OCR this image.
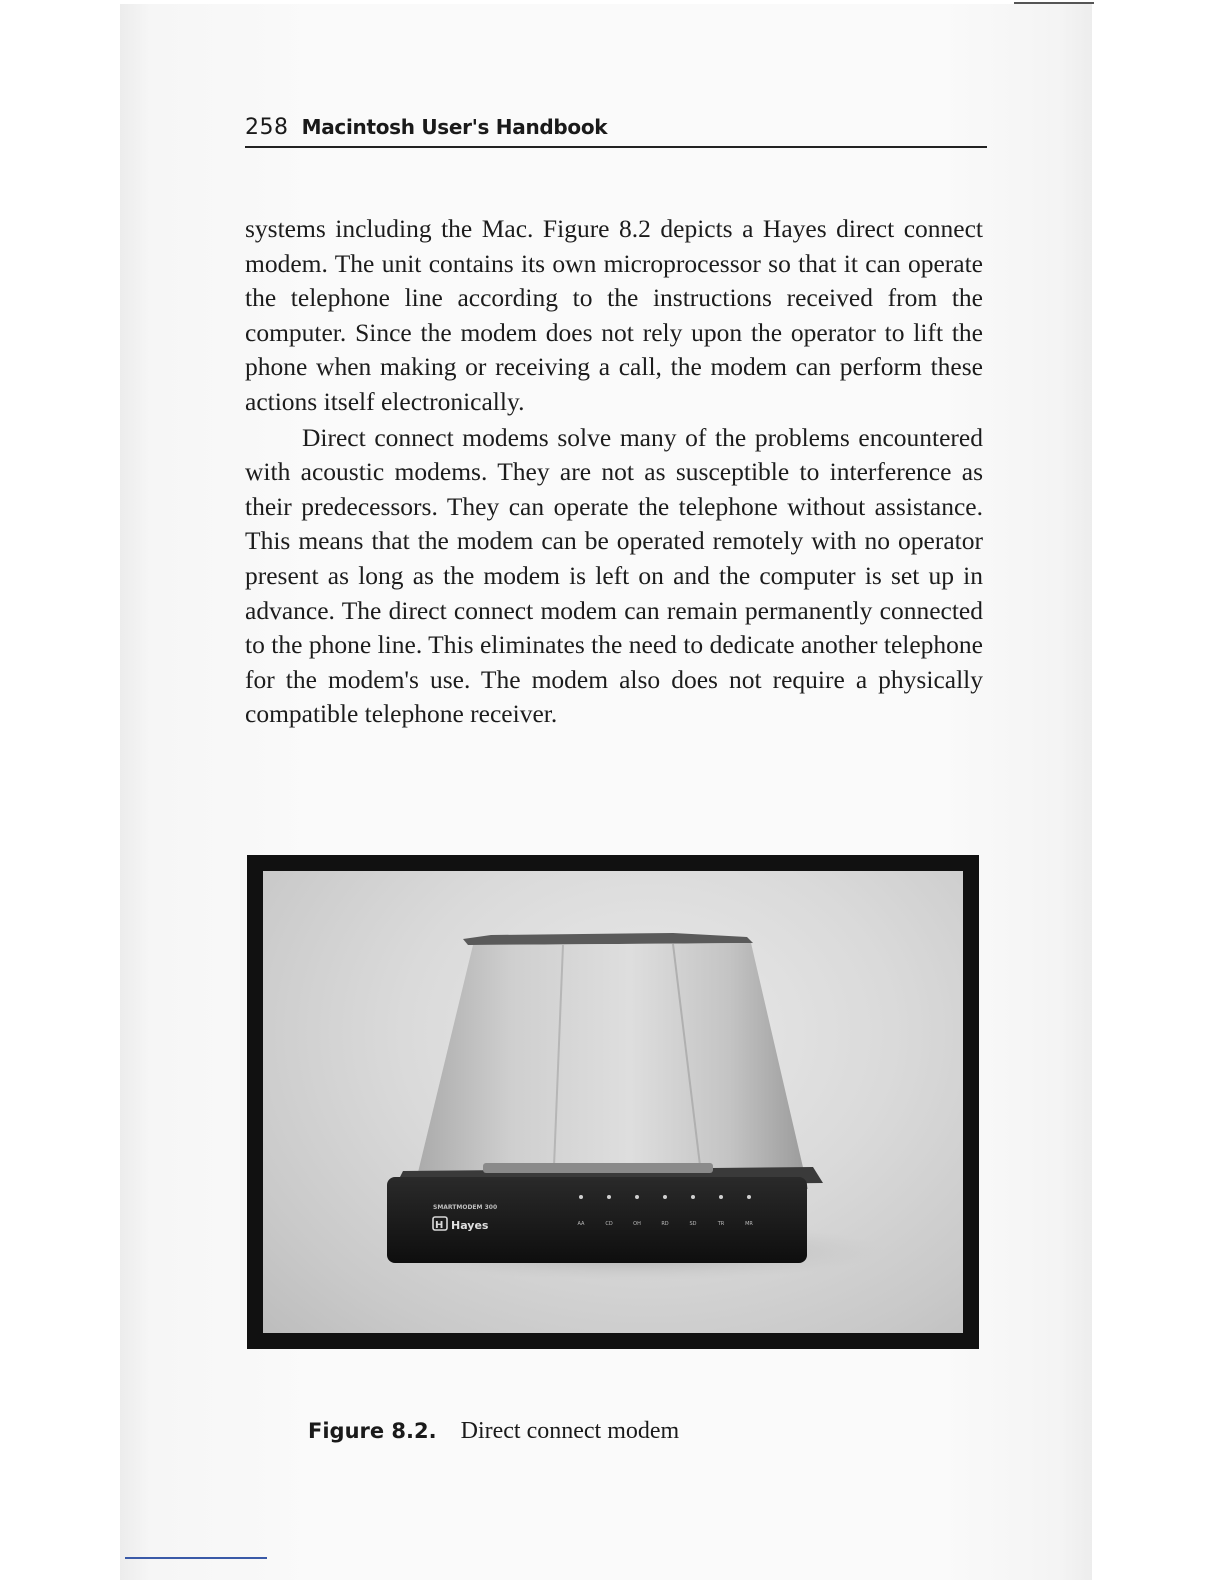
258 Macintosh User's Handbook

systems including the Mac. Figure 8.2 depicts a Hayes direct connect modem. The unit contains its own microprocessor so that it can operate the telephone line according to the instructions received from the computer. Since the modem does not rely upon the operator to lift the phone when making or receiving a call, the modem can perform these actions itself electronically.

Direct connect modems solve many of the problems encountered with acoustic modems. They are not as susceptible to interference as their predecessors. They can operate the telephone without assistance. This means that the modem can be operated remotely with no operator present as long as the modem is left on and the computer is set up in advance. The direct connect modem can remain permanently connected to the phone line. This eliminates the need to dedicate another telephone for the modem's use. The modem also does not require a physically compatible telephone receiver.

SMARTMODEM 300
H Hayes	AA	CD	OH	RD	SD	TR	MR
Figure 8.2. Direct connect modem
